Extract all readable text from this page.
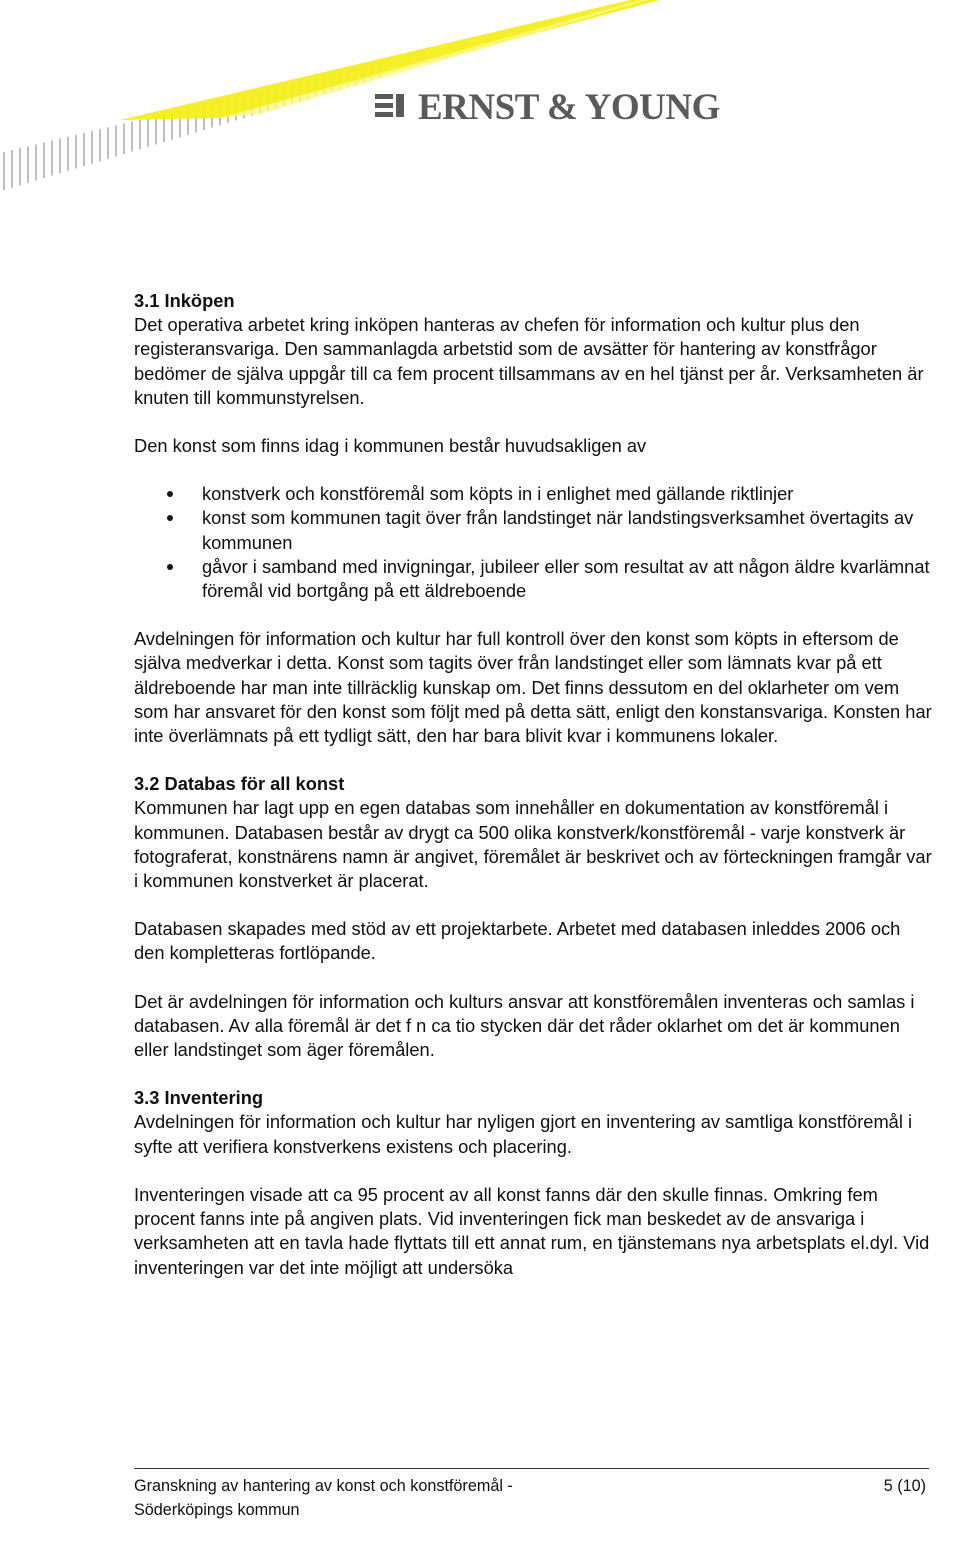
ERNST & YOUNG
3.1 Inköpen

Det operativa arbetet kring inköpen hanteras av chefen för information och kultur plus den registeransvariga. Den sammanlagda arbetstid som de avsätter för hantering av konstfrågor bedömer de själva uppgår till ca fem procent tillsammans av en hel tjänst per år. Verksamheten är knuten till kommunstyrelsen.

Den konst som finns idag i kommunen består huvudsakligen av

konstverk och konstföremål som köpts in i enlighet med gällande riktlinjer
konst som kommunen tagit över från landstinget när landstingsverksamhet övertagits av kommunen
gåvor i samband med invigningar, jubileer eller som resultat av att någon äldre kvarlämnat föremål vid bortgång på ett äldreboende

Avdelningen för information och kultur har full kontroll över den konst som köpts in eftersom de själva medverkar i detta. Konst som tagits över från landstinget eller som lämnats kvar på ett äldreboende har man inte tillräcklig kunskap om. Det finns dessutom en del oklarheter om vem som har ansvaret för den konst som följt med på detta sätt, enligt den konstansvariga. Konsten har inte överlämnats på ett tydligt sätt, den har bara blivit kvar i kommunens lokaler.

3.2 Databas för all konst

Kommunen har lagt upp en egen databas som innehåller en dokumentation av konstföremål i kommunen. Databasen består av drygt ca 500 olika konstverk/konstföremål - varje konstverk är fotograferat, konstnärens namn är angivet, föremålet är beskrivet och av förteckningen framgår var i kommunen konstverket är placerat.

Databasen skapades med stöd av ett projektarbete. Arbetet med databasen inleddes 2006 och den kompletteras fortlöpande.

Det är avdelningen för information och kulturs ansvar att konstföremålen inventeras och samlas i databasen. Av alla föremål är det f n ca tio stycken där det råder oklarhet om det är kommunen eller landstinget som äger föremålen.

3.3 Inventering

Avdelningen för information och kultur har nyligen gjort en inventering av samtliga konstföremål i syfte att verifiera konstverkens existens och placering.

Inventeringen visade att ca 95 procent av all konst fanns där den skulle finnas. Omkring fem procent fanns inte på angiven plats. Vid inventeringen fick man beskedet av de ansvariga i verksamheten att en tavla hade flyttats till ett annat rum, en tjänstemans nya arbetsplats el.dyl. Vid inventeringen var det inte möjligt att undersöka

Granskning av hantering av konst och konstföremål -
Söderköpings kommun
5 (10)
